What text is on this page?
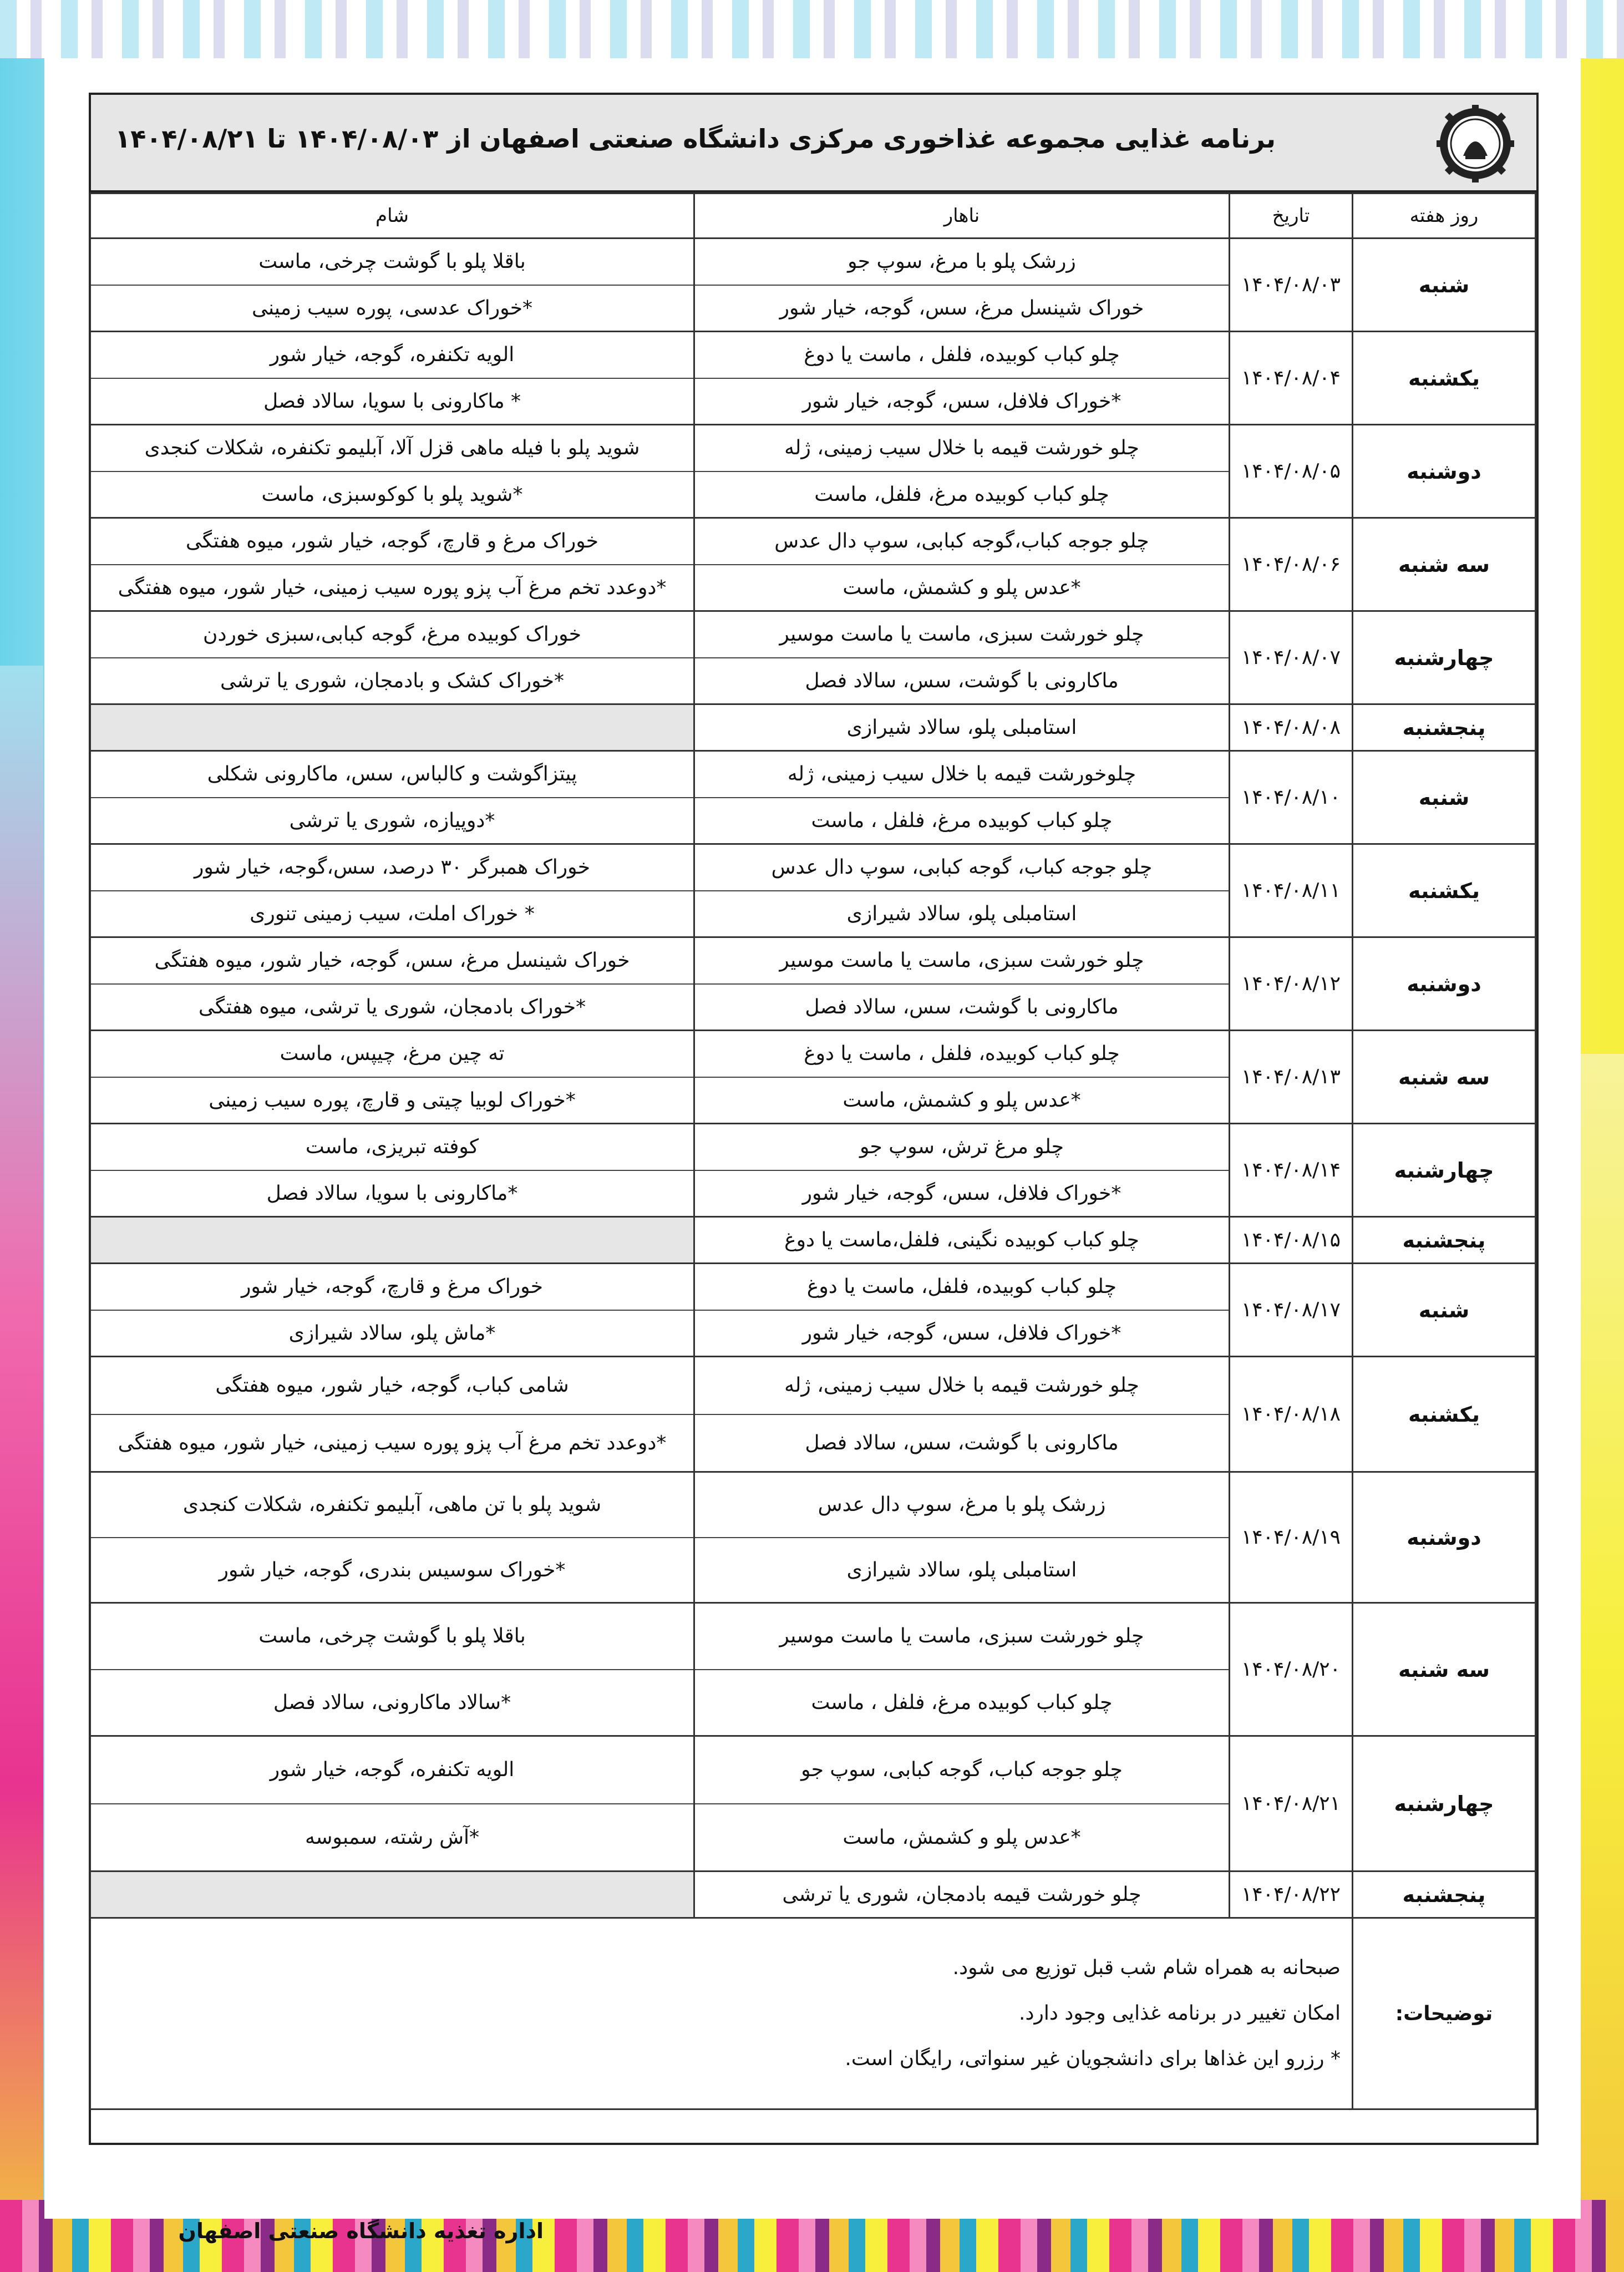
برنامه غذایی مجموعه غذاخوری مرکزی دانشگاه صنعتی اصفهان از ۱۴۰۴/۰۸/۰۳ تا ۱۴۰۴/۰۸/۲۱
روز هفته	تاریخ	ناهار	شام
شنبه	۱۴۰۴/۰۸/۰۳	زرشک پلو با مرغ، سوپ جو	باقلا پلو با گوشت چرخی، ماست
		خوراک شینسل مرغ، سس، گوجه، خیار شور	*خوراک عدسی، پوره سیب زمینی
یکشنبه	۱۴۰۴/۰۸/۰۴	چلو کباب کوبیده، فلفل ، ماست یا دوغ	الویه تکنفره، گوجه، خیار شور
		*خوراک فلافل، سس، گوجه، خیار شور	* ماکارونی با سویا، سالاد فصل
دوشنبه	۱۴۰۴/۰۸/۰۵	چلو خورشت قیمه با خلال سیب زمینی، ژله	شوید پلو با فیله ماهی قزل آلا، آبلیمو تکنفره، شکلات کنجدی
		چلو کباب کوبیده مرغ، فلفل، ماست	*شوید پلو با کوکوسبزی، ماست
سه شنبه	۱۴۰۴/۰۸/۰۶	چلو جوجه کباب،گوجه کبابی، سوپ دال عدس	خوراک مرغ و قارچ، گوجه، خیار شور، میوه هفتگی
		*عدس پلو و کشمش، ماست	*دوعدد تخم مرغ آب پزو پوره سیب زمینی، خیار شور، میوه هفتگی
چهارشنبه	۱۴۰۴/۰۸/۰۷	چلو خورشت سبزی، ماست یا ماست موسیر	خوراک کوبیده مرغ، گوجه کبابی،سبزی خوردن
		ماکارونی با گوشت، سس، سالاد فصل	*خوراک کشک و بادمجان، شوری یا ترشی
پنجشنبه	۱۴۰۴/۰۸/۰۸	استامبلی پلو، سالاد شیرازی	
شنبه	۱۴۰۴/۰۸/۱۰	چلوخورشت قیمه با خلال سیب زمینی، ژله	پیتزاگوشت و کالباس، سس، ماکارونی شکلی
		چلو کباب کوبیده مرغ، فلفل ، ماست	*دوپیازه، شوری یا ترشی
یکشنبه	۱۴۰۴/۰۸/۱۱	چلو جوجه کباب، گوجه کبابی، سوپ دال عدس	خوراک همبرگر ۳۰ درصد، سس،گوجه، خیار شور
		استامبلی پلو، سالاد شیرازی	* خوراک املت، سیب زمینی تنوری
دوشنبه	۱۴۰۴/۰۸/۱۲	چلو خورشت سبزی، ماست یا ماست موسیر	خوراک شینسل مرغ، سس، گوجه، خیار شور، میوه هفتگی
		ماکارونی با گوشت، سس، سالاد فصل	*خوراک بادمجان، شوری یا ترشی، میوه هفتگی
سه شنبه	۱۴۰۴/۰۸/۱۳	چلو کباب کوبیده، فلفل ، ماست یا دوغ	ته چین مرغ، چیپس، ماست
		*عدس پلو و کشمش، ماست	*خوراک لوبیا چیتی و قارچ، پوره سیب زمینی
چهارشنبه	۱۴۰۴/۰۸/۱۴	چلو مرغ ترش، سوپ جو	کوفته تبریزی، ماست
		*خوراک فلافل، سس، گوجه، خیار شور	*ماکارونی با سویا، سالاد فصل
پنجشنبه	۱۴۰۴/۰۸/۱۵	چلو کباب کوبیده نگینی، فلفل،ماست یا دوغ	
شنبه	۱۴۰۴/۰۸/۱۷	چلو کباب کوبیده، فلفل، ماست یا دوغ	خوراک مرغ و قارچ، گوجه، خیار شور
		*خوراک فلافل، سس، گوجه، خیار شور	*ماش پلو، سالاد شیرازی
یکشنبه	۱۴۰۴/۰۸/۱۸	چلو خورشت قیمه با خلال سیب زمینی، ژله	شامی کباب، گوجه، خیار شور، میوه هفتگی
		ماکارونی با گوشت، سس، سالاد فصل	*دوعدد تخم مرغ آب پزو پوره سیب زمینی، خیار شور، میوه هفتگی
دوشنبه	۱۴۰۴/۰۸/۱۹	زرشک پلو با مرغ، سوپ دال عدس	شوید پلو با تن ماهی، آبلیمو تکنفره، شکلات کنجدی
		استامبلی پلو، سالاد شیرازی	*خوراک سوسیس بندری، گوجه، خیار شور
سه شنبه	۱۴۰۴/۰۸/۲۰	چلو خورشت سبزی، ماست یا ماست موسیر	باقلا پلو با گوشت چرخی، ماست
		چلو کباب کوبیده مرغ، فلفل ، ماست	*سالاد ماکارونی، سالاد فصل
چهارشنبه	۱۴۰۴/۰۸/۲۱	چلو جوجه کباب، گوجه کبابی، سوپ جو	الویه تکنفره، گوجه، خیار شور
		*عدس پلو و کشمش، ماست	*آش رشته، سمبوسه
پنجشنبه	۱۴۰۴/۰۸/۲۲	چلو خورشت قیمه بادمجان، شوری یا ترشی	
توضیحات:	صبحانه به همراه شام شب قبل توزیع می شود.
امکان تغییر در برنامه غذایی وجود دارد.
* رزرو این غذاها برای دانشجویان غیر سنواتی، رایگان است.		
اداره تغذیه دانشگاه صنعتی اصفهان
